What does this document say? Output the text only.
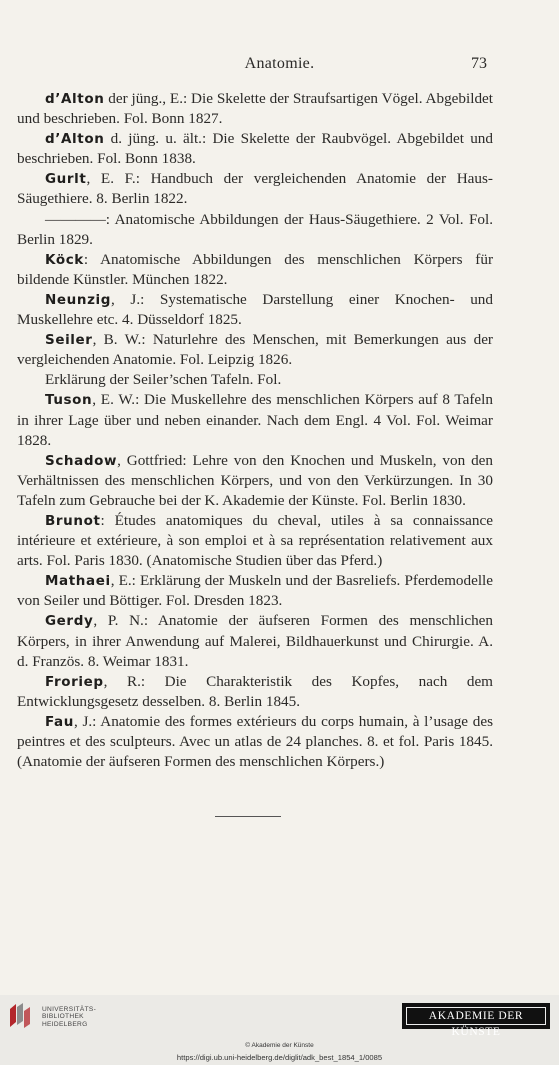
Anatomie.	73

d’Alton der jüng., E.: Die Skelette der Straufsartigen Vögel. Abgebildet und beschrieben. Fol. Bonn 1827.

d’Alton d. jüng. u. ält.: Die Skelette der Raubvögel. Abgebildet und beschrieben. Fol. Bonn 1838.

Gurlt, E. F.: Handbuch der vergleichenden Anatomie der Haus-Säugethiere. 8. Berlin 1822.

————: Anatomische Abbildungen der Haus-Säugethiere. 2 Vol. Fol. Berlin 1829.

Köck: Anatomische Abbildungen des menschlichen Körpers für bildende Künstler. München 1822.

Neunzig, J.: Systematische Darstellung einer Knochen- und Muskellehre etc. 4. Düsseldorf 1825.

Seiler, B. W.: Naturlehre des Menschen, mit Bemerkungen aus der vergleichenden Anatomie. Fol. Leipzig 1826.

Erklärung der Seiler’schen Tafeln. Fol.

Tuson, E. W.: Die Muskellehre des menschlichen Körpers auf 8 Tafeln in ihrer Lage über und neben einander. Nach dem Engl. 4 Vol. Fol. Weimar 1828.

Schadow, Gottfried: Lehre von den Knochen und Muskeln, von den Verhältnissen des menschlichen Körpers, und von den Verkürzungen. In 30 Tafeln zum Gebrauche bei der K. Akademie der Künste. Fol. Berlin 1830.

Brunot: Études anatomiques du cheval, utiles à sa connaissance intérieure et extérieure, à son emploi et à sa représentation relativement aux arts. Fol. Paris 1830. (Anatomische Studien über das Pferd.)

Mathaei, E.: Erklärung der Muskeln und der Basreliefs. Pferdemodelle von Seiler und Böttiger. Fol. Dresden 1823.

Gerdy, P. N.: Anatomie der äufseren Formen des menschlichen Körpers, in ihrer Anwendung auf Malerei, Bildhauerkunst und Chirurgie. A. d. Französ. 8. Weimar 1831.

Froriep, R.: Die Charakteristik des Kopfes, nach dem Entwicklungsgesetz desselben. 8. Berlin 1845.

Fau, J.: Anatomie des formes extérieurs du corps humain, à l’usage des peintres et des sculpteurs. Avec un atlas de 24 planches. 8. et fol. Paris 1845. (Anatomie der äufseren Formen des menschlichen Körpers.)

UNIVERSITÄTS-
BIBLIOTHEK
HEIDELBERG
AKADEMIE DER KÜNSTE
© Akademie der Künste
https://digi.ub.uni-heidelberg.de/diglit/adk_best_1854_1/0085
